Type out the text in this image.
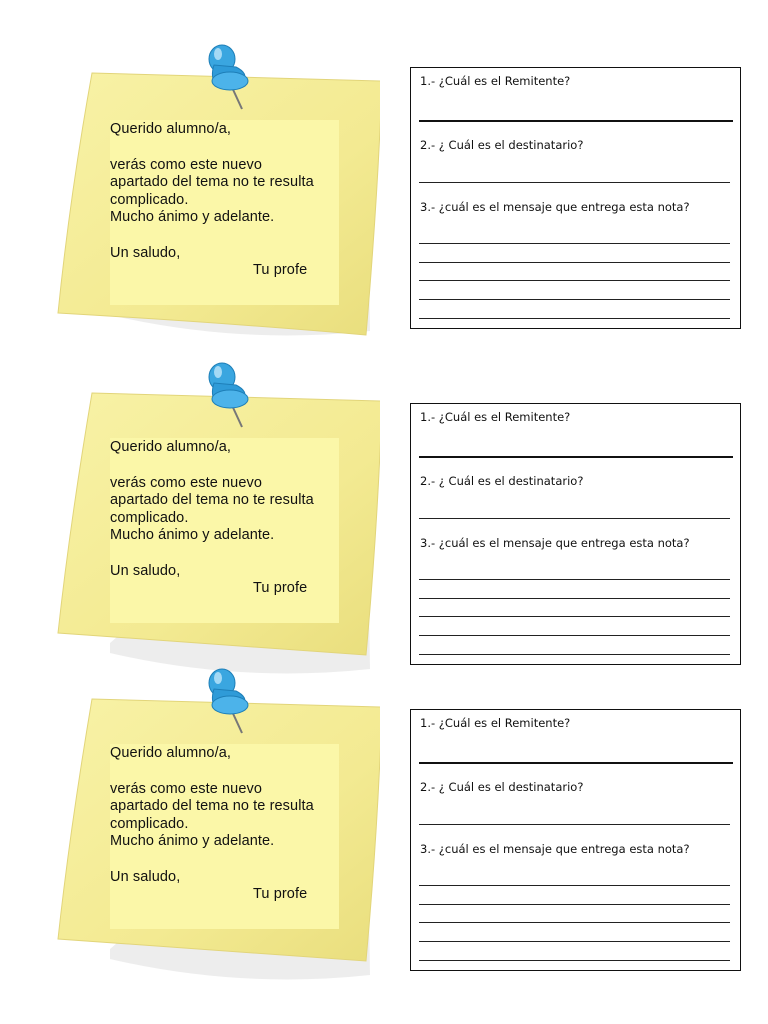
Querido alumno/a,
verás como este nuevo
apartado del tema no te resulta
complicado.
Mucho ánimo y adelante.
Un saludo,
Tu profe
1.- ¿Cuál es el Remitente?
2.- ¿ Cuál es el destinatario?
3.- ¿cuál es el mensaje que entrega esta nota?
Querido alumno/a,
verás como este nuevo
apartado del tema no te resulta
complicado.
Mucho ánimo y adelante.
Un saludo,
Tu profe
1.- ¿Cuál es el Remitente?
2.- ¿ Cuál es el destinatario?
3.- ¿cuál es el mensaje que entrega esta nota?
Querido alumno/a,
verás como este nuevo
apartado del tema no te resulta
complicado.
Mucho ánimo y adelante.
Un saludo,
Tu profe
1.- ¿Cuál es el Remitente?
2.- ¿ Cuál es el destinatario?
3.- ¿cuál es el mensaje que entrega esta nota?
